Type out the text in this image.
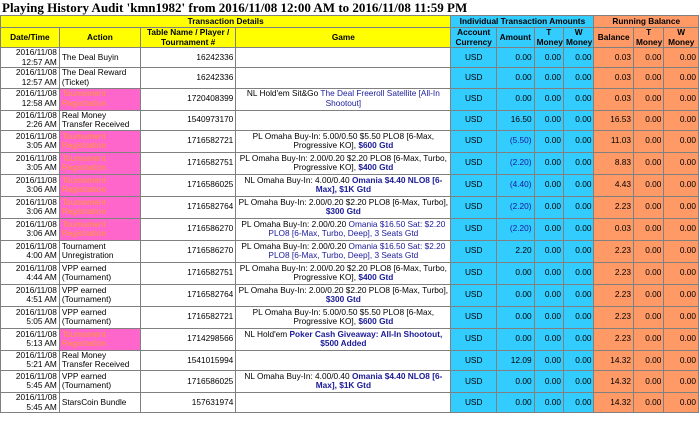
Playing History Audit 'kmn1982' from 2016/11/08 12:00 AM to 2016/11/08 11:59 PM
Transaction Details				Individual Transaction Amounts				Running Balance		
Date/Time	Action	Table Name / Player / Tournament #	Game	Account Currency	Amount	T Money	W Money	Balance	T Money	W Money

2016/11/08
12:57 AM	The Deal Buyin	16242336		USD	0.00	0.00	0.00	0.03	0.00	0.00

2016/11/08
12:57 AM	The Deal Reward (Ticket)	16242336		USD	0.00	0.00	0.00	0.03	0.00	0.00

2016/11/08
12:58 AM	Tournament Registration	1720408399	NL Hold'em Sit&Go The Deal Freeroll Satellite [All-In Shootout]	USD	0.00	0.00	0.00	0.03	0.00	0.00

2016/11/08
2:26 AM	Real Money Transfer Received	1540973170		USD	16.50	0.00	0.00	16.53	0.00	0.00

2016/11/08
3:05 AM	Tournament Registration	1716582721	PL Omaha Buy-In: 5.00/0.50 $5.50 PLO8 [6-Max, Progressive KO], $600 Gtd	USD	(5.50)	0.00	0.00	11.03	0.00	0.00

2016/11/08
3:05 AM	Tournament Registration	1716582751	PL Omaha Buy-In: 2.00/0.20 $2.20 PLO8 [6-Max, Turbo, Progressive KO], $400 Gtd	USD	(2.20)	0.00	0.00	8.83	0.00	0.00

2016/11/08
3:06 AM	Tournament Registration	1716586025	NL Omaha Buy-In: 4.00/0.40 Omania $4.40 NLO8 [6-Max], $1K Gtd	USD	(4.40)	0.00	0.00	4.43	0.00	0.00

2016/11/08
3:06 AM	Tournament Registration	1716582764	PL Omaha Buy-In: 2.00/0.20 $2.20 PLO8 [6-Max, Turbo], $300 Gtd	USD	(2.20)	0.00	0.00	2.23	0.00	0.00

2016/11/08
3:06 AM	Tournament Registration	1716586270	PL Omaha Buy-In: 2.00/0.20 Omania $16.50 Sat: $2.20 PLO8 [6-Max, Turbo, Deep], 3 Seats Gtd	USD	(2.20)	0.00	0.00	0.03	0.00	0.00

2016/11/08
4:00 AM	Tournament Unregistration	1716586270	PL Omaha Buy-In: 2.00/0.20 Omania $16.50 Sat: $2.20 PLO8 [6-Max, Turbo, Deep], 3 Seats Gtd	USD	2.20	0.00	0.00	2.23	0.00	0.00

2016/11/08
4:44 AM	VPP earned (Tournament)	1716582751	PL Omaha Buy-In: 2.00/0.20 $2.20 PLO8 [6-Max, Turbo, Progressive KO], $400 Gtd	USD	0.00	0.00	0.00	2.23	0.00	0.00

2016/11/08
4:51 AM	VPP earned (Tournament)	1716582764	PL Omaha Buy-In: 2.00/0.20 $2.20 PLO8 [6-Max, Turbo], $300 Gtd	USD	0.00	0.00	0.00	2.23	0.00	0.00

2016/11/08
5:05 AM	VPP earned (Tournament)	1716582721	PL Omaha Buy-In: 5.00/0.50 $5.50 PLO8 [6-Max, Progressive KO], $600 Gtd	USD	0.00	0.00	0.00	2.23	0.00	0.00

2016/11/08
5:13 AM	Tournament Registration	1714298566	NL Hold'em Poker Cash Giveaway: All-In Shootout, $500 Added	USD	0.00	0.00	0.00	2.23	0.00	0.00

2016/11/08
5:21 AM	Real Money Transfer Received	1541015994		USD	12.09	0.00	0.00	14.32	0.00	0.00

2016/11/08
5:45 AM	VPP earned (Tournament)	1716586025	NL Omaha Buy-In: 4.00/0.40 Omania $4.40 NLO8 [6-Max], $1K Gtd	USD	0.00	0.00	0.00	14.32	0.00	0.00

2016/11/08
5:45 AM	StarsCoin Bundle	157631974		USD	0.00	0.00	0.00	14.32	0.00	0.00
